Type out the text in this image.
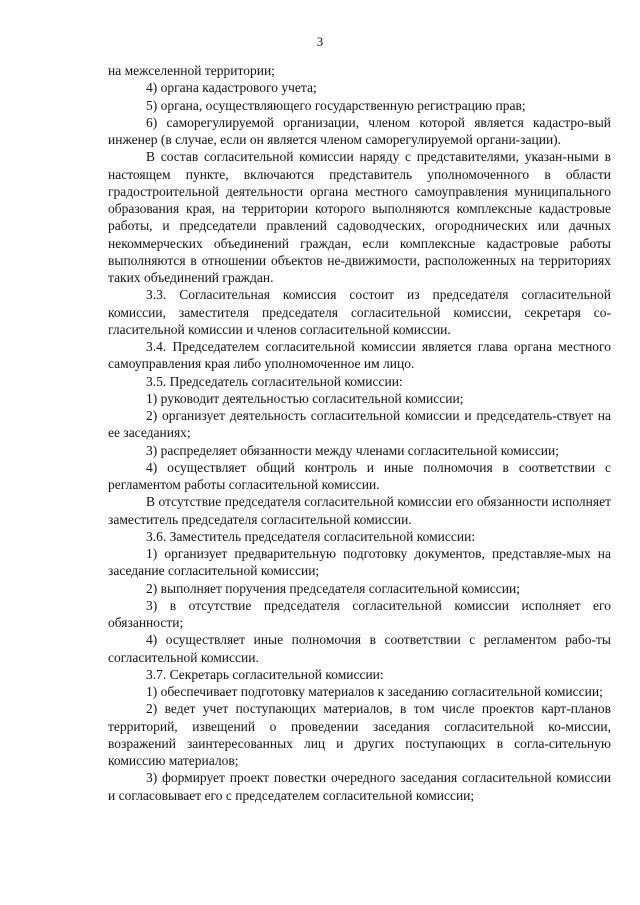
3

на межселенной территории;

4) органа кадастрового учета;

5) органа, осуществляющего государственную регистрацию прав;

6) саморегулируемой организации, членом которой является кадастро-вый инженер (в случае, если он является членом саморегулируемой органи-зации).

В состав согласительной комиссии наряду с представителями, указан-ными в настоящем пункте, включаются представитель уполномоченного в области градостроительной деятельности органа местного самоуправления муниципального образования края, на территории которого выполняются комплексные кадастровые работы, и председатели правлений садоводческих, огороднических или дачных некоммерческих объединений граждан, если комплексные кадастровые работы выполняются в отношении объектов не-движимости, расположенных на территориях таких объединений граждан.

3.3. Согласительная комиссия состоит из председателя согласительной комиссии, заместителя председателя согласительной комиссии, секретаря со-гласительной комиссии и членов согласительной комиссии.

3.4. Председателем согласительной комиссии является глава органа местного самоуправления края либо уполномоченное им лицо.

3.5. Председатель согласительной комиссии:

1) руководит деятельностью согласительной комиссии;

2) организует деятельность согласительной комиссии и председатель-ствует на ее заседаниях;

3) распределяет обязанности между членами согласительной комиссии;

4) осуществляет общий контроль и иные полномочия в соответствии с регламентом работы согласительной комиссии.

В отсутствие председателя согласительной комиссии его обязанности исполняет заместитель председателя согласительной комиссии.

3.6. Заместитель председателя согласительной комиссии:

1) организует предварительную подготовку документов, представляе-мых на заседание согласительной комиссии;

2) выполняет поручения председателя согласительной комиссии;

3) в отсутствие председателя согласительной комиссии исполняет его обязанности;

4) осуществляет иные полномочия в соответствии с регламентом рабо-ты согласительной комиссии.

3.7. Секретарь согласительной комиссии:

1) обеспечивает подготовку материалов к заседанию согласительной комиссии;

2) ведет учет поступающих материалов, в том числе проектов карт-планов территорий, извещений о проведении заседания согласительной ко-миссии, возражений заинтересованных лиц и других поступающих в согла-сительную комиссию материалов;

3) формирует проект повестки очередного заседания согласительной комиссии и согласовывает его с председателем согласительной комиссии;
